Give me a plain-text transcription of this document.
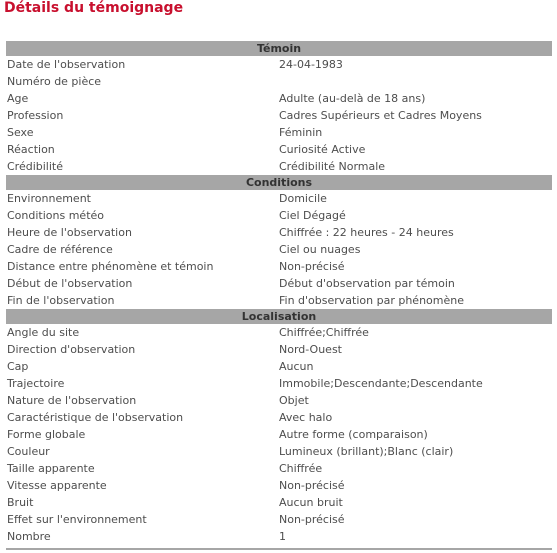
Détails du témoignage
Témoin
Date de l'observation	24-04-1983
Numéro de pièce
Age	Adulte (au-delà de 18 ans)
Profession	Cadres Supérieurs et Cadres Moyens
Sexe	Féminin
Réaction	Curiosité Active
Crédibilité	Crédibilité Normale
Conditions
Environnement	Domicile
Conditions météo	Ciel Dégagé
Heure de l'observation	Chiffrée : 22 heures - 24 heures
Cadre de référence	Ciel ou nuages
Distance entre phénomène et témoin	Non-précisé
Début de l'observation	Début d'observation par témoin
Fin de l'observation	Fin d'observation par phénomène
Localisation
Angle du site	Chiffrée;Chiffrée
Direction d'observation	Nord-Ouest
Cap	Aucun
Trajectoire	Immobile;Descendante;Descendante
Nature de l'observation	Objet
Caractéristique de l'observation	Avec halo
Forme globale	Autre forme (comparaison)
Couleur	Lumineux (brillant);Blanc (clair)
Taille apparente	Chiffrée
Vitesse apparente	Non-précisé
Bruit	Aucun bruit
Effet sur l'environnement	Non-précisé
Nombre	1
